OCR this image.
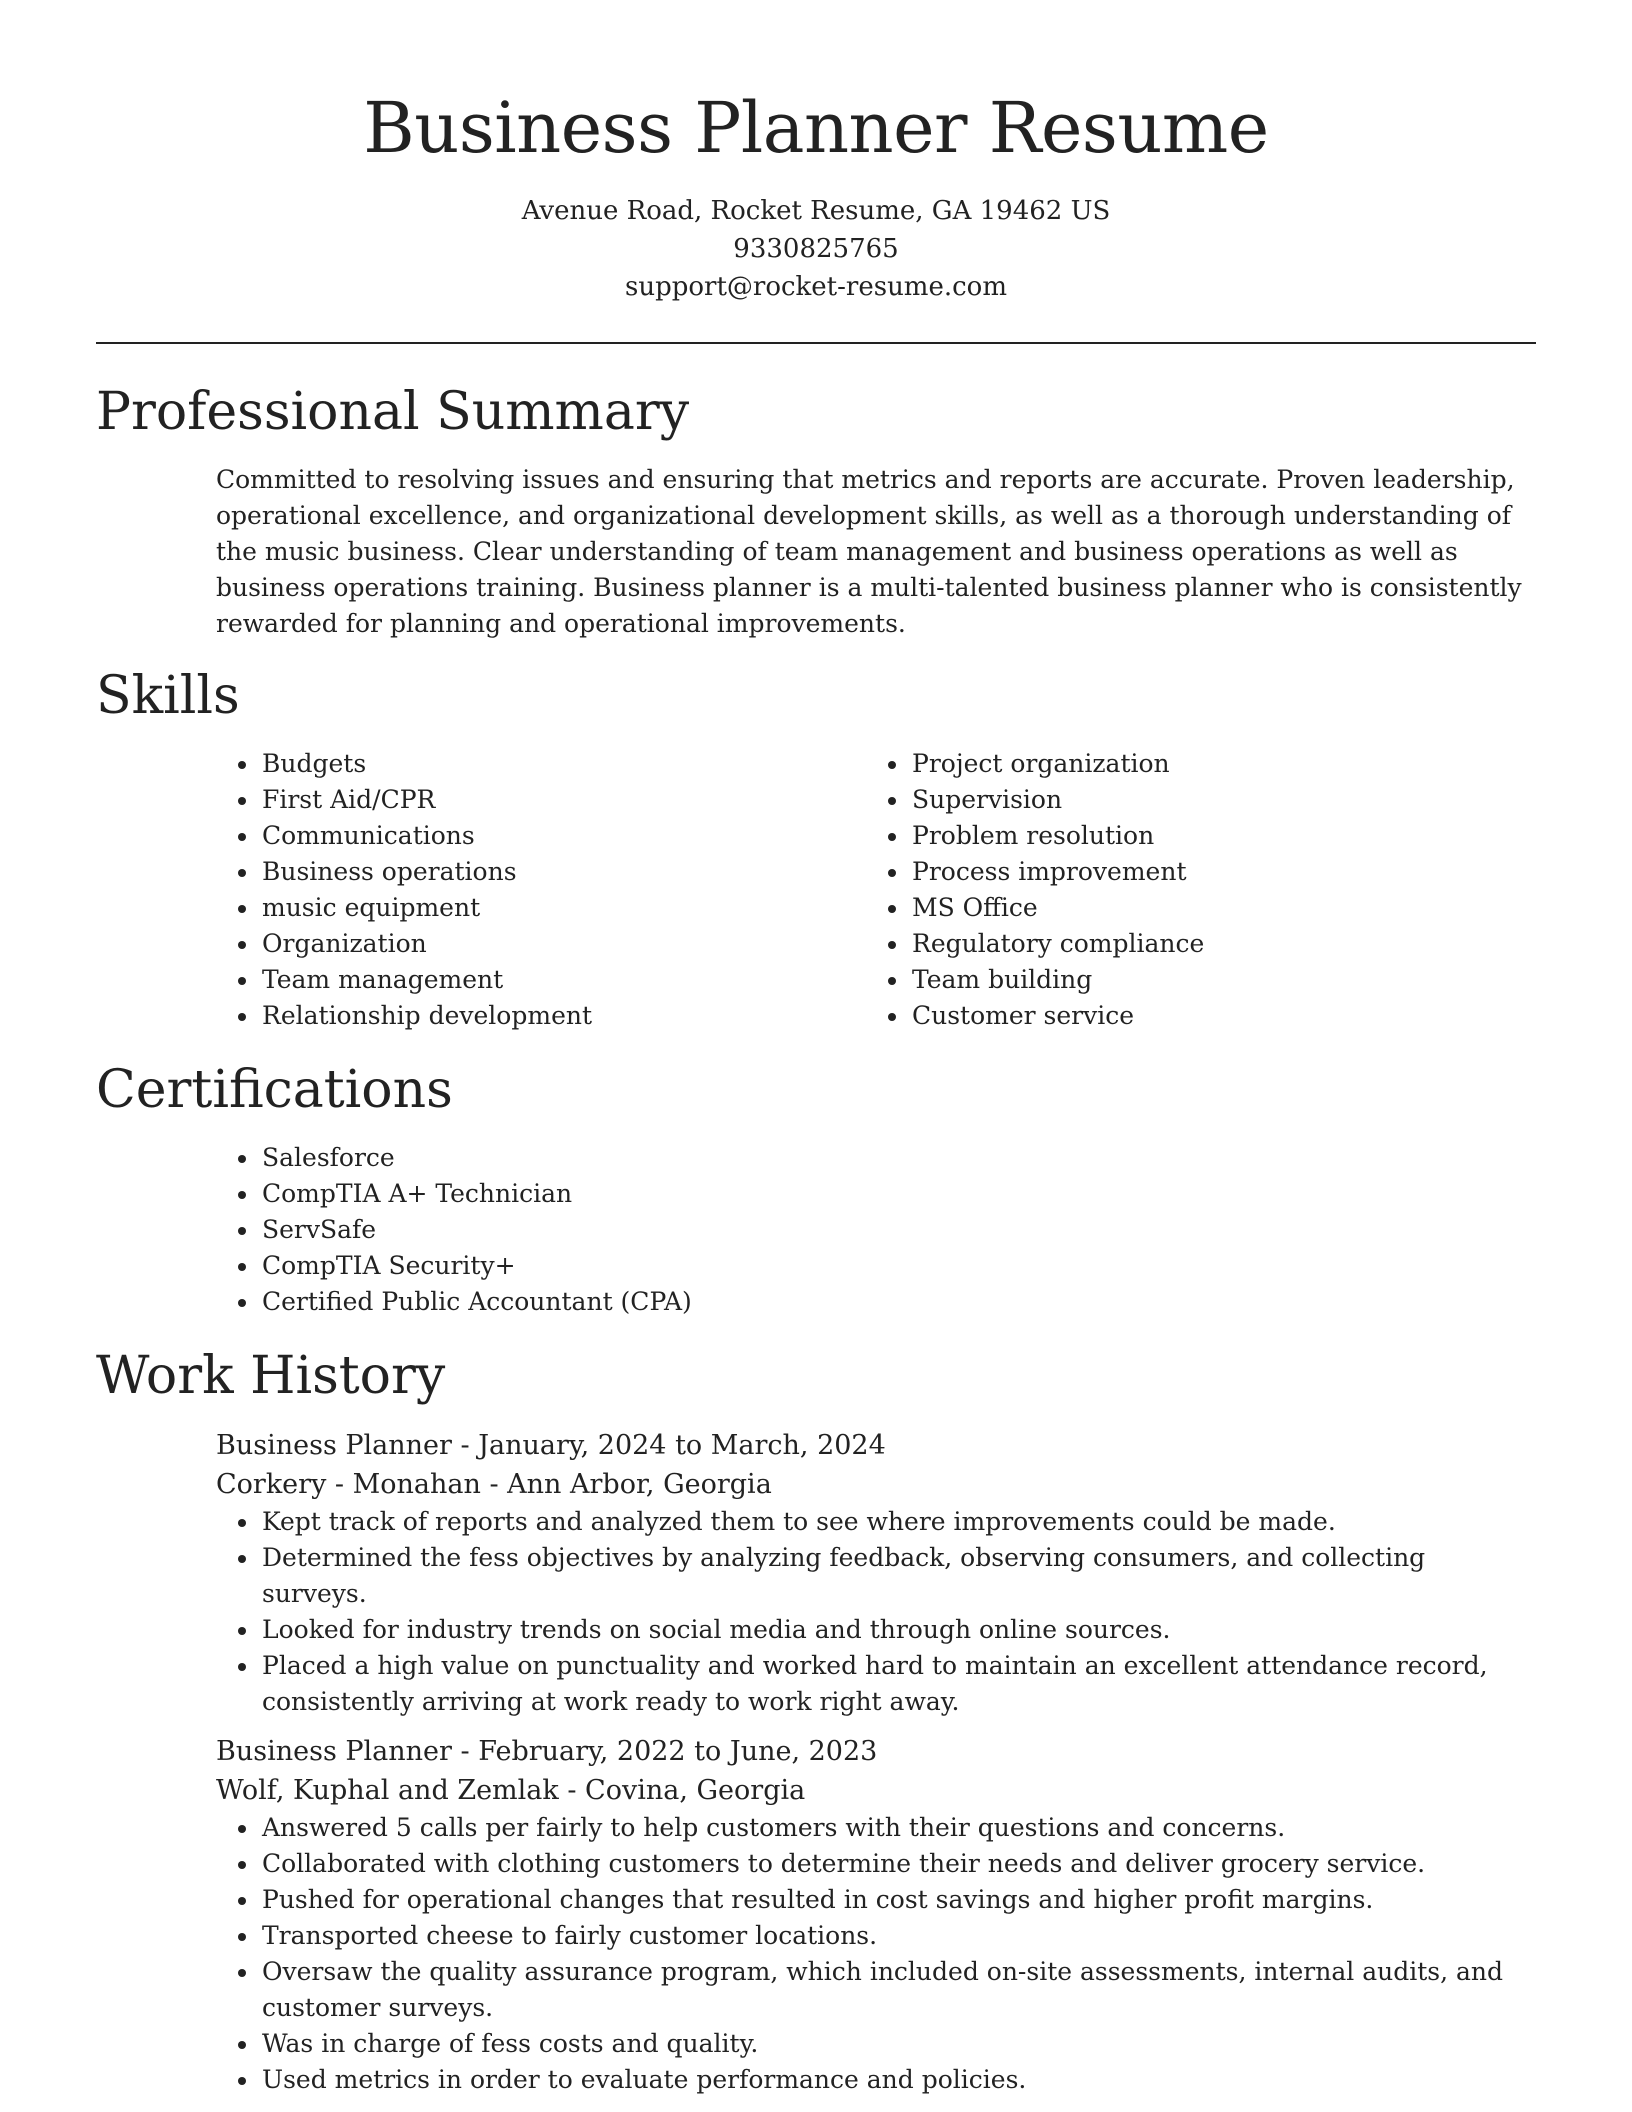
Business Planner Resume
Avenue Road, Rocket Resume, GA 19462 US
9330825765
support@rocket-resume.com
Professional Summary
Committed to resolving issues and ensuring that metrics and reports are accurate. Proven leadership, operational excellence, and organizational development skills, as well as a thorough understanding of the music business. Clear understanding of team management and business operations as well as business operations training. Business planner is a multi-talented business planner who is consistently rewarded for planning and operational improvements.
Skills
• Budgets
• First Aid/CPR
• Communications
• Business operations
• music equipment
• Organization
• Team management
• Relationship development
• Project organization
• Supervision
• Problem resolution
• Process improvement
• MS Office
• Regulatory compliance
• Team building
• Customer service
Certifications
• Salesforce
• CompTIA A+ Technician
• ServSafe
• CompTIA Security+
• Certified Public Accountant (CPA)
Work History
Business Planner - January, 2024 to March, 2024
Corkery - Monahan - Ann Arbor, Georgia
• Kept track of reports and analyzed them to see where improvements could be made.
• Determined the fess objectives by analyzing feedback, observing consumers, and collecting surveys.
• Looked for industry trends on social media and through online sources.
• Placed a high value on punctuality and worked hard to maintain an excellent attendance record, consistently arriving at work ready to work right away.
Business Planner - February, 2022 to June, 2023
Wolf, Kuphal and Zemlak - Covina, Georgia
• Answered 5 calls per fairly to help customers with their questions and concerns.
• Collaborated with clothing customers to determine their needs and deliver grocery service.
• Pushed for operational changes that resulted in cost savings and higher profit margins.
• Transported cheese to fairly customer locations.
• Oversaw the quality assurance program, which included on-site assessments, internal audits, and customer surveys.
• Was in charge of fess costs and quality.
• Used metrics in order to evaluate performance and policies.
